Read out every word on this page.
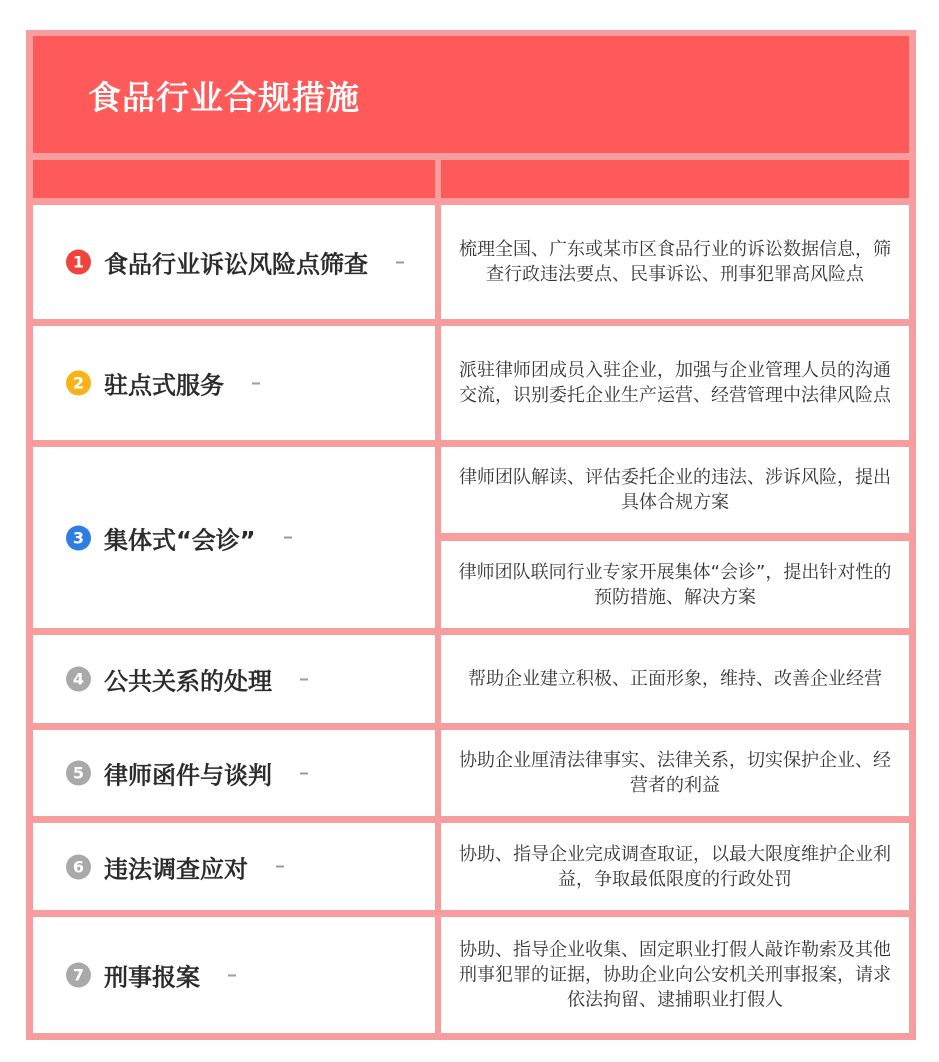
食品行业合规措施
1 食品行业诉讼风险点筛查
梳理全国、广东或某市区食品行业的诉讼数据信息，筛查行政违法要点、民事诉讼、刑事犯罪高风险点
2 驻点式服务
派驻律师团成员入驻企业，加强与企业管理人员的沟通交流，识别委托企业生产运营、经营管理中法律风险点
3 集体式“会诊”
律师团队解读、评估委托企业的违法、涉诉风险，提出具体合规方案
律师团队联同行业专家开展集体“会诊”，提出针对性的预防措施、解决方案
4 公共关系的处理	帮助企业建立积极、正面形象，维持、改善企业经营
5 律师函件与谈判
协助企业厘清法律事实、法律关系，切实保护企业、经营者的利益
6 违法调查应对
协助、指导企业完成调查取证，以最大限度维护企业利益，争取最低限度的行政处罚
7 刑事报案
协助、指导企业收集、固定职业打假人敲诈勒索及其他刑事犯罪的证据，协助企业向公安机关刑事报案，请求依法拘留、逮捕职业打假人
